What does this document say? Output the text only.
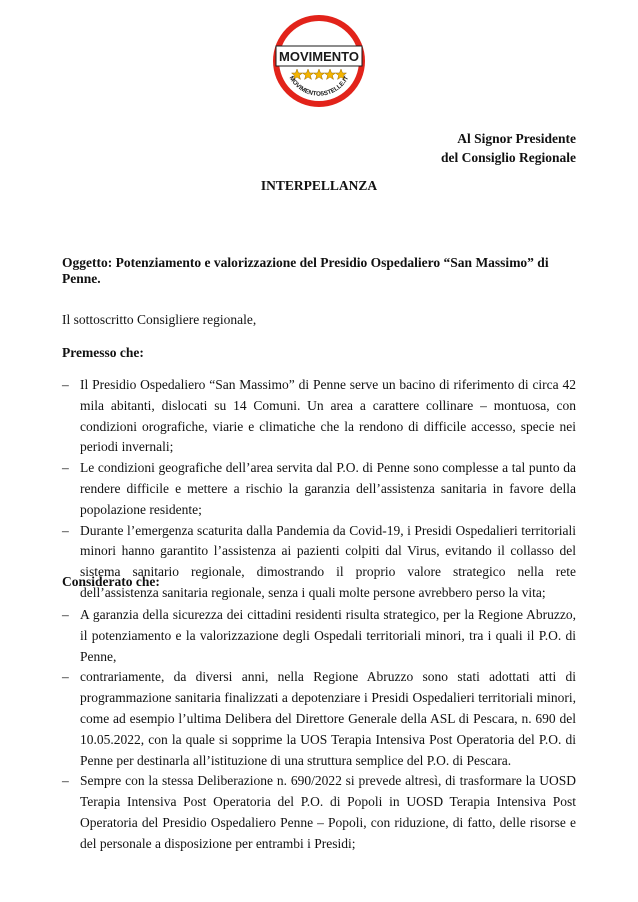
MOVIMENTO
MOVIMENTO5STELLE.IT
Al Signor Presidente
del Consiglio Regionale
INTERPELLANZA
Oggetto: Potenziamento e valorizzazione del Presidio Ospedaliero “San Massimo” di Penne.
Il sottoscritto Consigliere regionale,
Premesso che:
– Il Presidio Ospedaliero “San Massimo” di Penne serve un bacino di riferimento di circa 42 mila abitanti, dislocati su 14 Comuni. Un area a carattere collinare – montuosa, con condizioni orografiche, viarie e climatiche che la rendono di difficile accesso, specie nei periodi invernali;
– Le condizioni geografiche dell’area servita dal P.O. di Penne sono complesse a tal punto da rendere difficile e mettere a rischio la garanzia dell’assistenza sanitaria in favore della popolazione residente;
– Durante l’emergenza scaturita dalla Pandemia da Covid-19, i Presidi Ospedalieri territoriali minori hanno garantito l’assistenza ai pazienti colpiti dal Virus, evitando il collasso del sistema sanitario regionale, dimostrando il proprio valore strategico nella rete dell’assistenza sanitaria regionale, senza i quali molte persone avrebbero perso la vita;
Considerato che:
– A garanzia della sicurezza dei cittadini residenti risulta strategico, per la Regione Abruzzo, il potenziamento e la valorizzazione degli Ospedali territoriali minori, tra i quali il P.O. di Penne,
– contrariamente, da diversi anni, nella Regione Abruzzo sono stati adottati atti di programmazione sanitaria finalizzati a depotenziare i Presidi Ospedalieri territoriali minori, come ad esempio l’ultima Delibera del Direttore Generale della ASL di Pescara, n. 690 del 10.05.2022, con la quale si sopprime la UOS Terapia Intensiva Post Operatoria del P.O. di Penne per destinarla all’istituzione di una struttura semplice del P.O. di Pescara.
– Sempre con la stessa Deliberazione n. 690/2022 si prevede altresì, di trasformare la UOSD Terapia Intensiva Post Operatoria del P.O. di Popoli in UOSD Terapia Intensiva Post Operatoria del Presidio Ospedaliero Penne – Popoli, con riduzione, di fatto, delle risorse e del personale a disposizione per entrambi i Presidi;
